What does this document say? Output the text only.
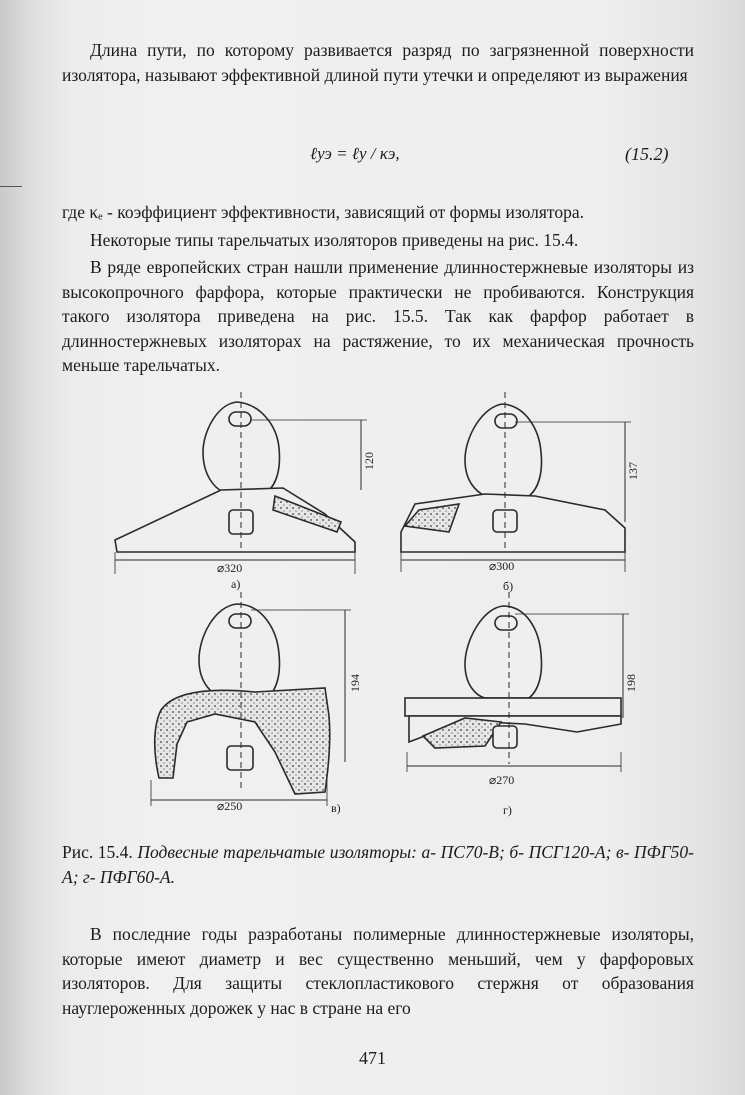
Длина пути, по которому развивается разряд по загрязненной поверхности изолятора, называют эффективной длиной пути утечки и определяют из выражения

ℓуэ = ℓу / κэ,	(15.2)

где κₑ - коэффициент эффективности, зависящий от формы изолятора.

Некоторые типы тарельчатых изоляторов приведены на рис. 15.4.

В ряде европейских стран нашли применение длинностержневые изоляторы из высокопрочного фарфора, которые практически не пробиваются. Конструкция такого изолятора приведена на рис. 15.5. Так как фарфор работает в длинностержневых изоляторах на растяжение, то их механическая прочность меньше тарельчатых.

120
⌀320
а)
137
⌀300
б)
194
⌀250	в)
198
⌀270
г)

Рис. 15.4. Подвесные тарельчатые изоляторы: а- ПС70-В; б- ПСГ120-А; в- ПФГ50-А; г- ПФГ60-А.

В последние годы разработаны полимерные длинностержневые изоляторы, которые имеют диаметр и вес существенно меньший, чем у фарфоровых изоляторов. Для защиты стеклопластикового стержня от образования науглероженных дорожек у нас в стране на его

471
